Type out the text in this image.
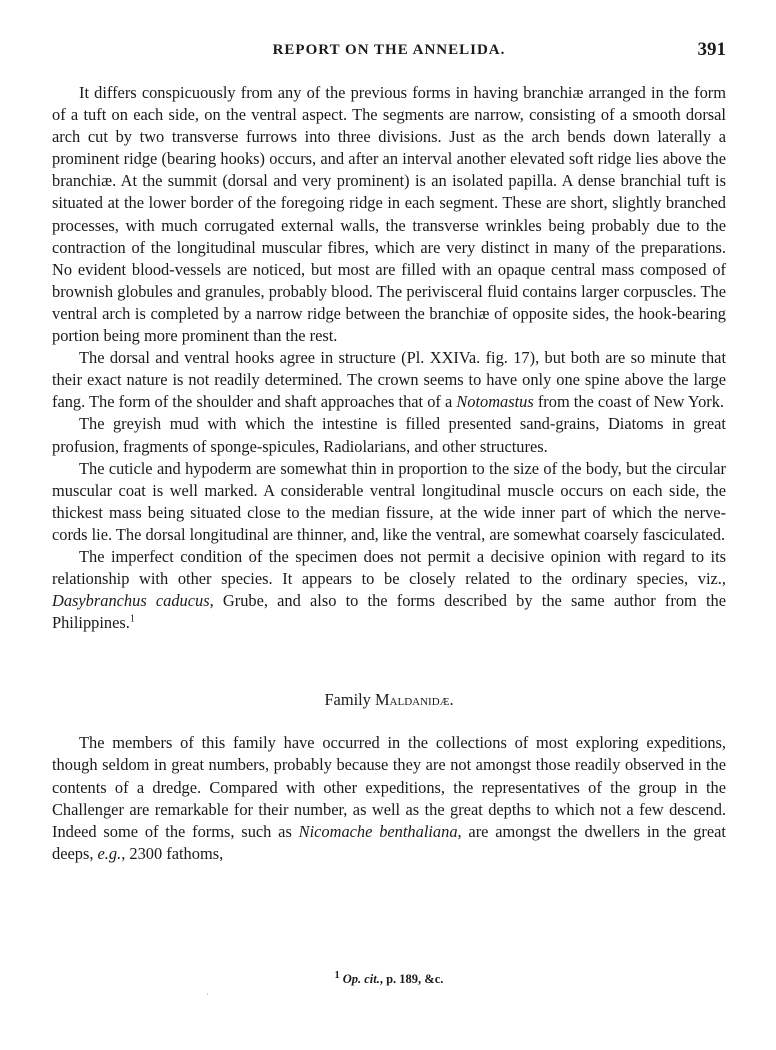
REPORT ON THE ANNELIDA.	391

It differs conspicuously from any of the previous forms in having branchiæ arranged in the form of a tuft on each side, on the ventral aspect. The segments are narrow, consisting of a smooth dorsal arch cut by two transverse furrows into three divisions. Just as the arch bends down laterally a prominent ridge (bearing hooks) occurs, and after an interval another elevated soft ridge lies above the branchiæ. At the summit (dorsal and very prominent) is an isolated papilla. A dense branchial tuft is situated at the lower border of the foregoing ridge in each segment. These are short, slightly branched processes, with much corrugated external walls, the transverse wrinkles being probably due to the contraction of the longitudinal muscular fibres, which are very distinct in many of the preparations. No evident blood-vessels are noticed, but most are filled with an opaque central mass composed of brownish globules and granules, probably blood. The perivisceral fluid contains larger corpuscles. The ventral arch is completed by a narrow ridge between the branchiæ of opposite sides, the hook-bearing portion being more prominent than the rest.

The dorsal and ventral hooks agree in structure (Pl. XXIVa. fig. 17), but both are so minute that their exact nature is not readily determined. The crown seems to have only one spine above the large fang. The form of the shoulder and shaft approaches that of a Notomastus from the coast of New York.

The greyish mud with which the intestine is filled presented sand-grains, Diatoms in great profusion, fragments of sponge-spicules, Radiolarians, and other structures.

The cuticle and hypoderm are somewhat thin in proportion to the size of the body, but the circular muscular coat is well marked. A considerable ventral longitudinal muscle occurs on each side, the thickest mass being situated close to the median fissure, at the wide inner part of which the nerve-cords lie. The dorsal longitudinal are thinner, and, like the ventral, are somewhat coarsely fasciculated.

The imperfect condition of the specimen does not permit a decisive opinion with regard to its relationship with other species. It appears to be closely related to the ordinary species, viz., Dasybranchus caducus, Grube, and also to the forms described by the same author from the Philippines.$^1$

Family Maldanidæ.

The members of this family have occurred in the collections of most exploring expeditions, though seldom in great numbers, probably because they are not amongst those readily observed in the contents of a dredge. Compared with other expeditions, the representatives of the group in the Challenger are remarkable for their number, as well as the great depths to which not a few descend. Indeed some of the forms, such as Nicomache benthaliana, are amongst the dwellers in the great deeps, e.g., 2300 fathoms,

$^1$ Op. cit., p. 189, &c.
·
